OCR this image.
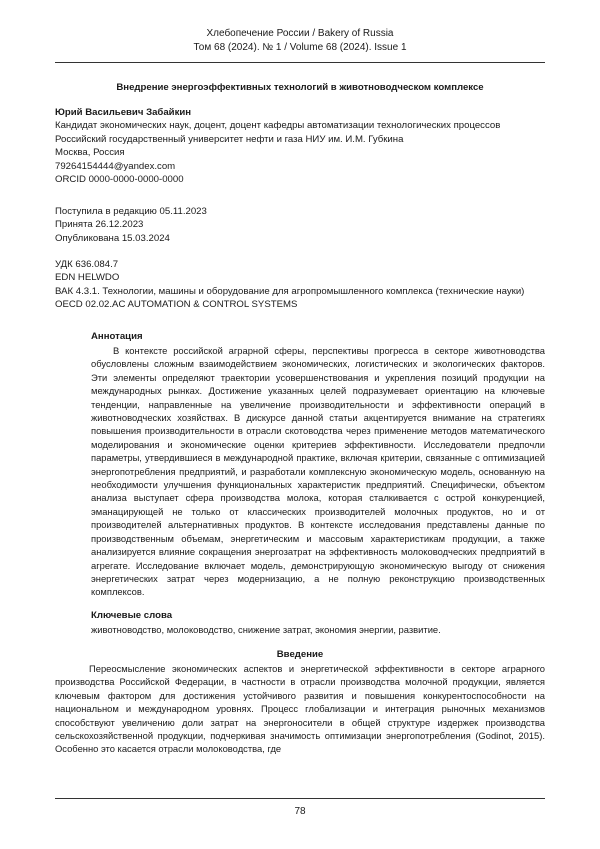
Хлебопечение России / Bakery of Russia
Том 68 (2024). № 1 / Volume 68 (2024). Issue 1
Внедрение энергоэффективных технологий в животноводческом комплексе
Юрий Васильевич Забайкин
Кандидат экономических наук, доцент, доцент кафедры автоматизации технологических процессов
Российский государственный университет нефти и газа НИУ им. И.М. Губкина
Москва, Россия
79264154444@yandex.com
ORCID 0000-0000-0000-0000
Поступила в редакцию 05.11.2023
Принята 26.12.2023
Опубликована 15.03.2024
УДК 636.084.7
EDN HELWDO
ВАК 4.3.1. Технологии, машины и оборудование для агропромышленного комплекса (технические науки)
OECD 02.02.AC AUTOMATION & CONTROL SYSTEMS
Аннотация
В контексте российской аграрной сферы, перспективы прогресса в секторе животноводства обусловлены сложным взаимодействием экономических, логистических и экологических факторов. Эти элементы определяют траектории усовершенствования и укрепления позиций продукции на международных рынках. Достижение указанных целей подразумевает ориентацию на ключевые тенденции, направленные на увеличение производительности и эффективности операций в животноводческих хозяйствах. В дискурсе данной статьи акцентируется внимание на стратегиях повышения производительности в отрасли скотоводства через применение методов математического моделирования и экономические оценки критериев эффективности. Исследователи предпочли параметры, утвердившиеся в международной практике, включая критерии, связанные с оптимизацией энергопотребления предприятий, и разработали комплексную экономическую модель, основанную на необходимости улучшения функциональных характеристик предприятий. Специфически, объектом анализа выступает сфера производства молока, которая сталкивается с острой конкуренцией, эманацирующей не только от классических производителей молочных продуктов, но и от производителей альтернативных продуктов. В контексте исследования представлены данные по производственным объемам, энергетическим и массовым характеристикам продукции, а также анализируется влияние сокращения энергозатрат на эффективность молоководческих предприятий в агрегате. Исследование включает модель, демонстрирующую экономическую выгоду от снижения энергетических затрат через модернизацию, а не полную реконструкцию производственных комплексов.
Ключевые слова
животноводство, молоководство, снижение затрат, экономия энергии, развитие.
Введение
Переосмысление экономических аспектов и энергетической эффективности в секторе аграрного производства Российской Федерации, в частности в отрасли производства молочной продукции, является ключевым фактором для достижения устойчивого развития и повышения конкурентоспособности на национальном и международном уровнях. Процесс глобализации и интеграция рыночных механизмов способствуют увеличению доли затрат на энергоносители в общей структуре издержек производства сельскохозяйственной продукции, подчеркивая значимость оптимизации энергопотребления (Godinot, 2015). Особенно это касается отрасли молоководства, где
78
